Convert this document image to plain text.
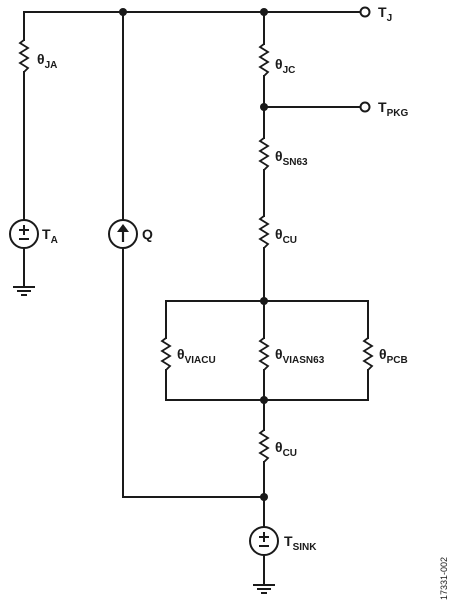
$\theta_{JA}$	$\theta_{JC}$
$\theta_{SN63}$
$\theta_{CU}$
$\theta_{VIACU}$	$\theta_{VIASN63}$	$\theta_{PCB}$
$\theta_{CU}$
$T_J$
$T_{PKG}$
$T_A$	Q
$T_{SINK}$
17331-002
